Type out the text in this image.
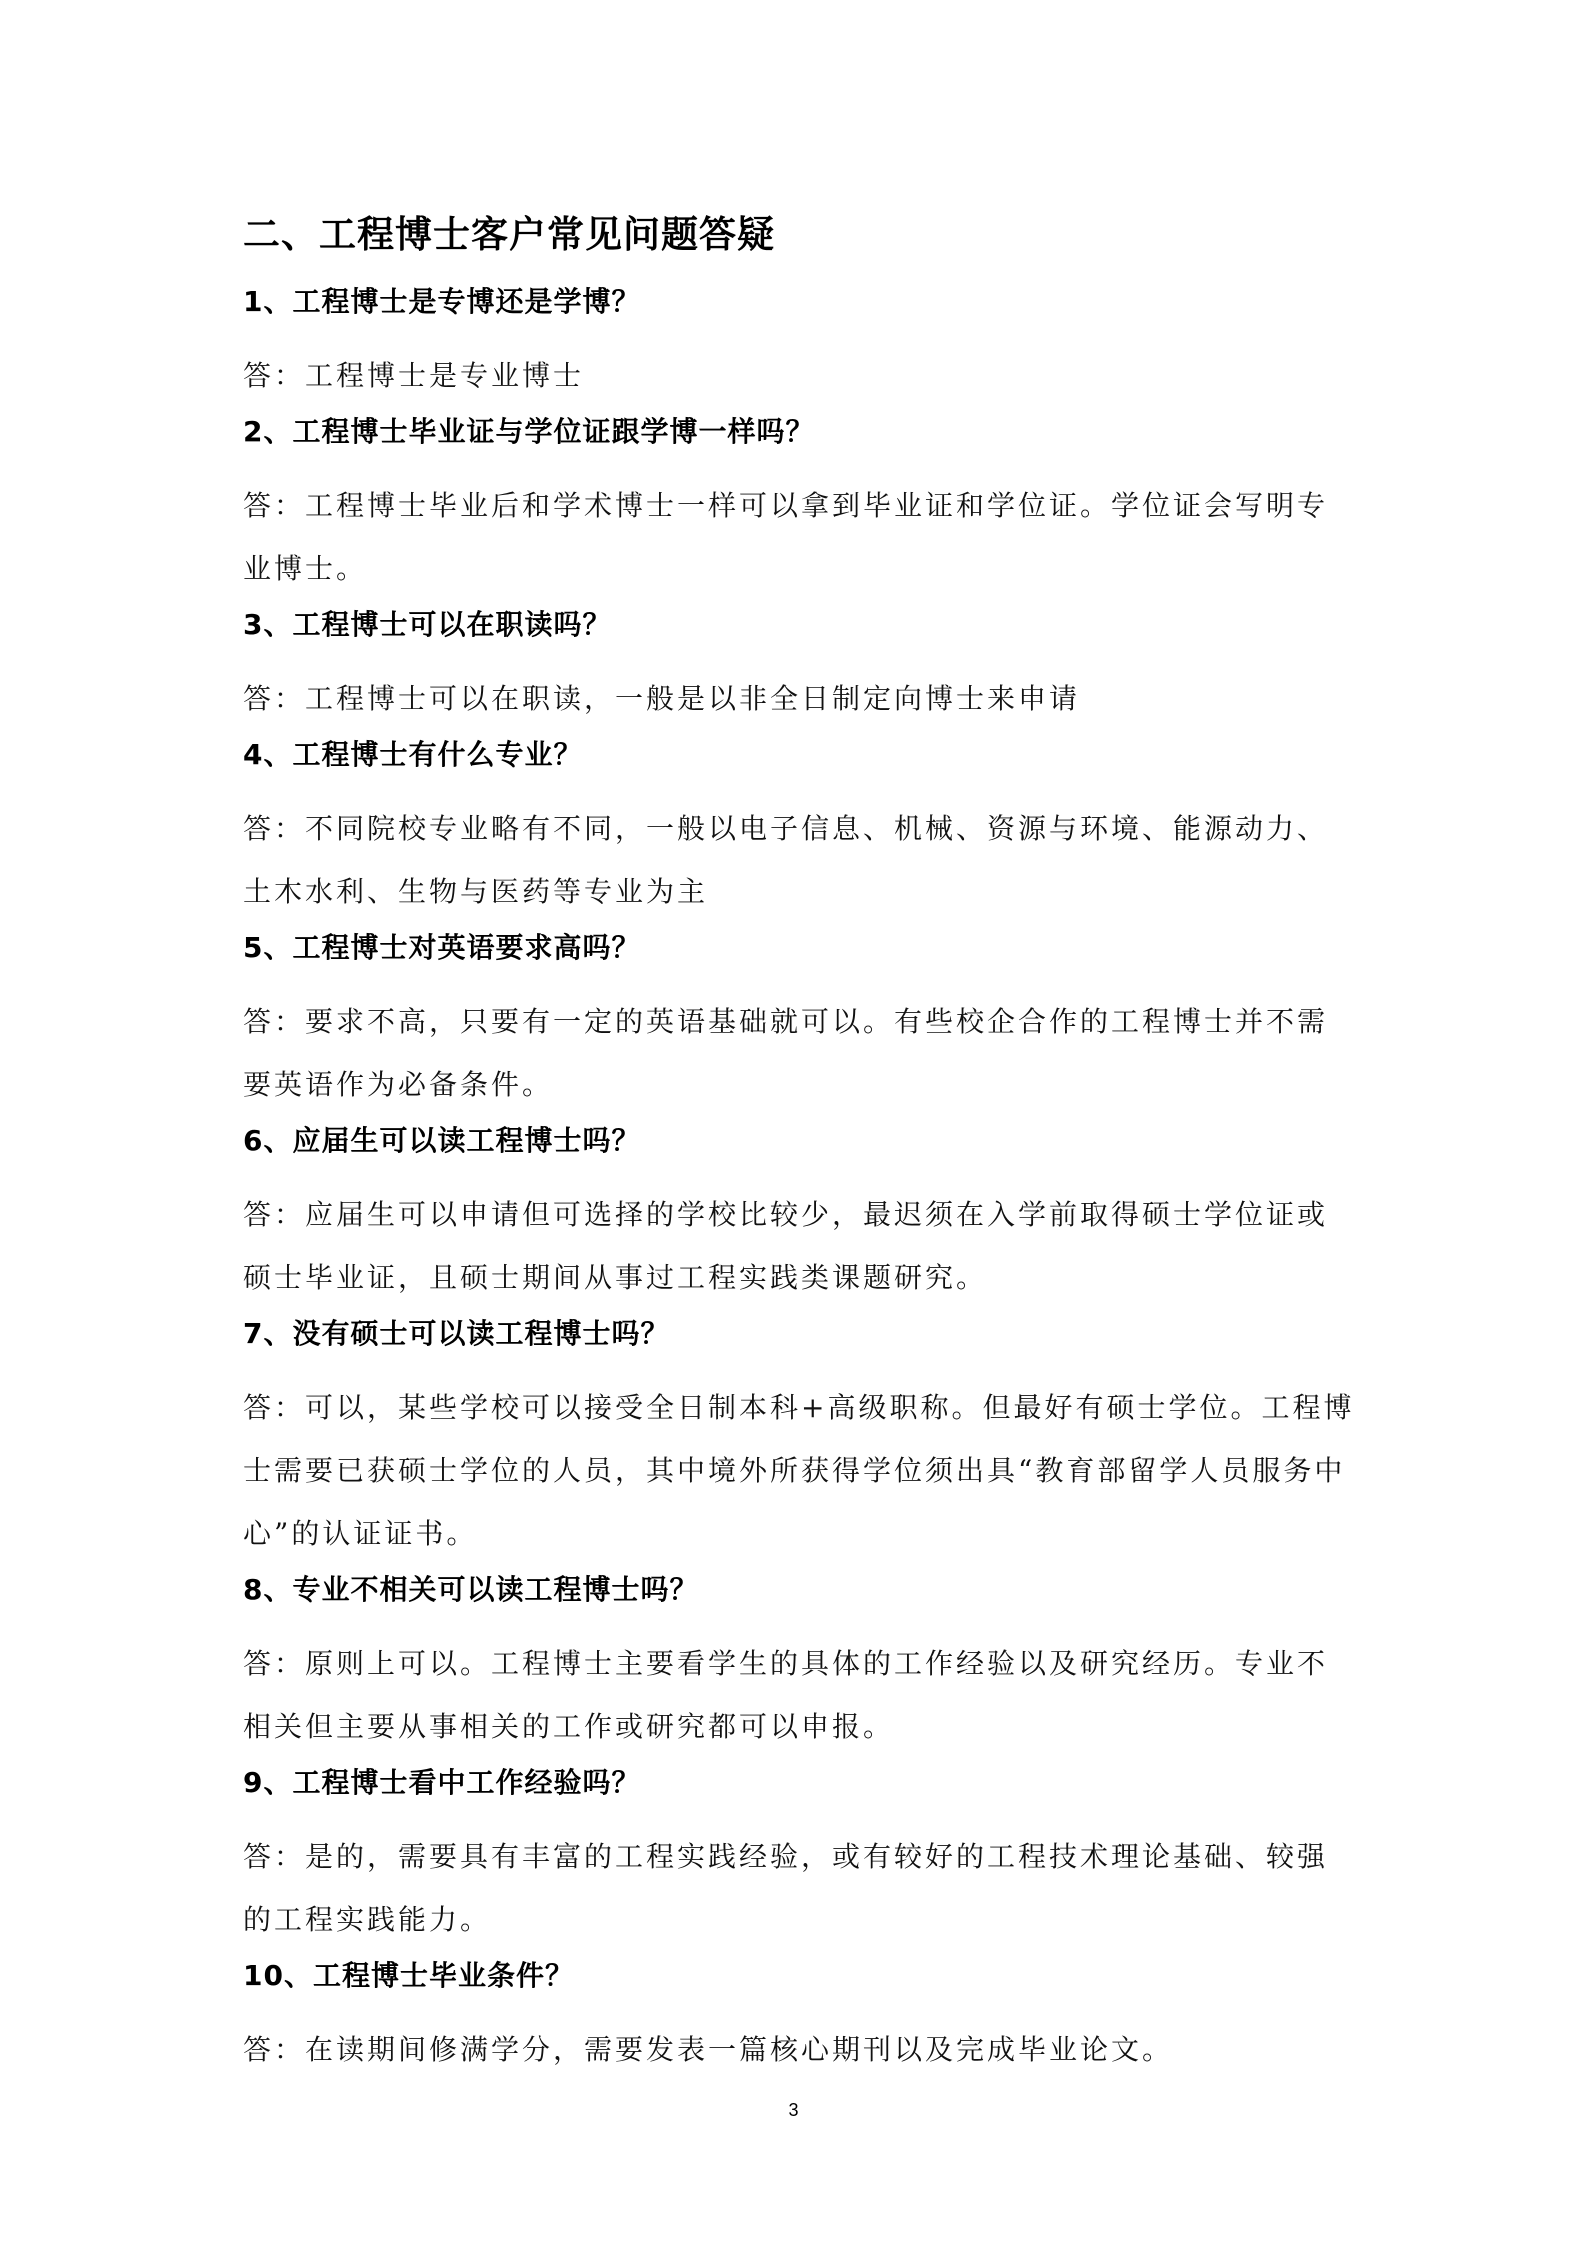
二、工程博士客户常见问题答疑

1、工程博士是专博还是学博？

答：工程博士是专业博士

2、工程博士毕业证与学位证跟学博一样吗？

答：工程博士毕业后和学术博士一样可以拿到毕业证和学位证。学位证会写明专业博士。

3、工程博士可以在职读吗？

答：工程博士可以在职读，一般是以非全日制定向博士来申请

4、工程博士有什么专业？

答：不同院校专业略有不同，一般以电子信息、机械、资源与环境、能源动力、土木水利、生物与医药等专业为主

5、工程博士对英语要求高吗？

答：要求不高，只要有一定的英语基础就可以。有些校企合作的工程博士并不需要英语作为必备条件。

6、应届生可以读工程博士吗？

答：应届生可以申请但可选择的学校比较少，最迟须在入学前取得硕士学位证或硕士毕业证，且硕士期间从事过工程实践类课题研究。

7、没有硕士可以读工程博士吗？

答：可以，某些学校可以接受全日制本科+高级职称。但最好有硕士学位。工程博士需要已获硕士学位的人员，其中境外所获得学位须出具“教育部留学人员服务中心”的认证证书。

8、专业不相关可以读工程博士吗？

答：原则上可以。工程博士主要看学生的具体的工作经验以及研究经历。专业不相关但主要从事相关的工作或研究都可以申报。

9、工程博士看中工作经验吗？

答：是的，需要具有丰富的工程实践经验，或有较好的工程技术理论基础、较强的工程实践能力。

10、工程博士毕业条件？

答：在读期间修满学分，需要发表一篇核心期刊以及完成毕业论文。

3
